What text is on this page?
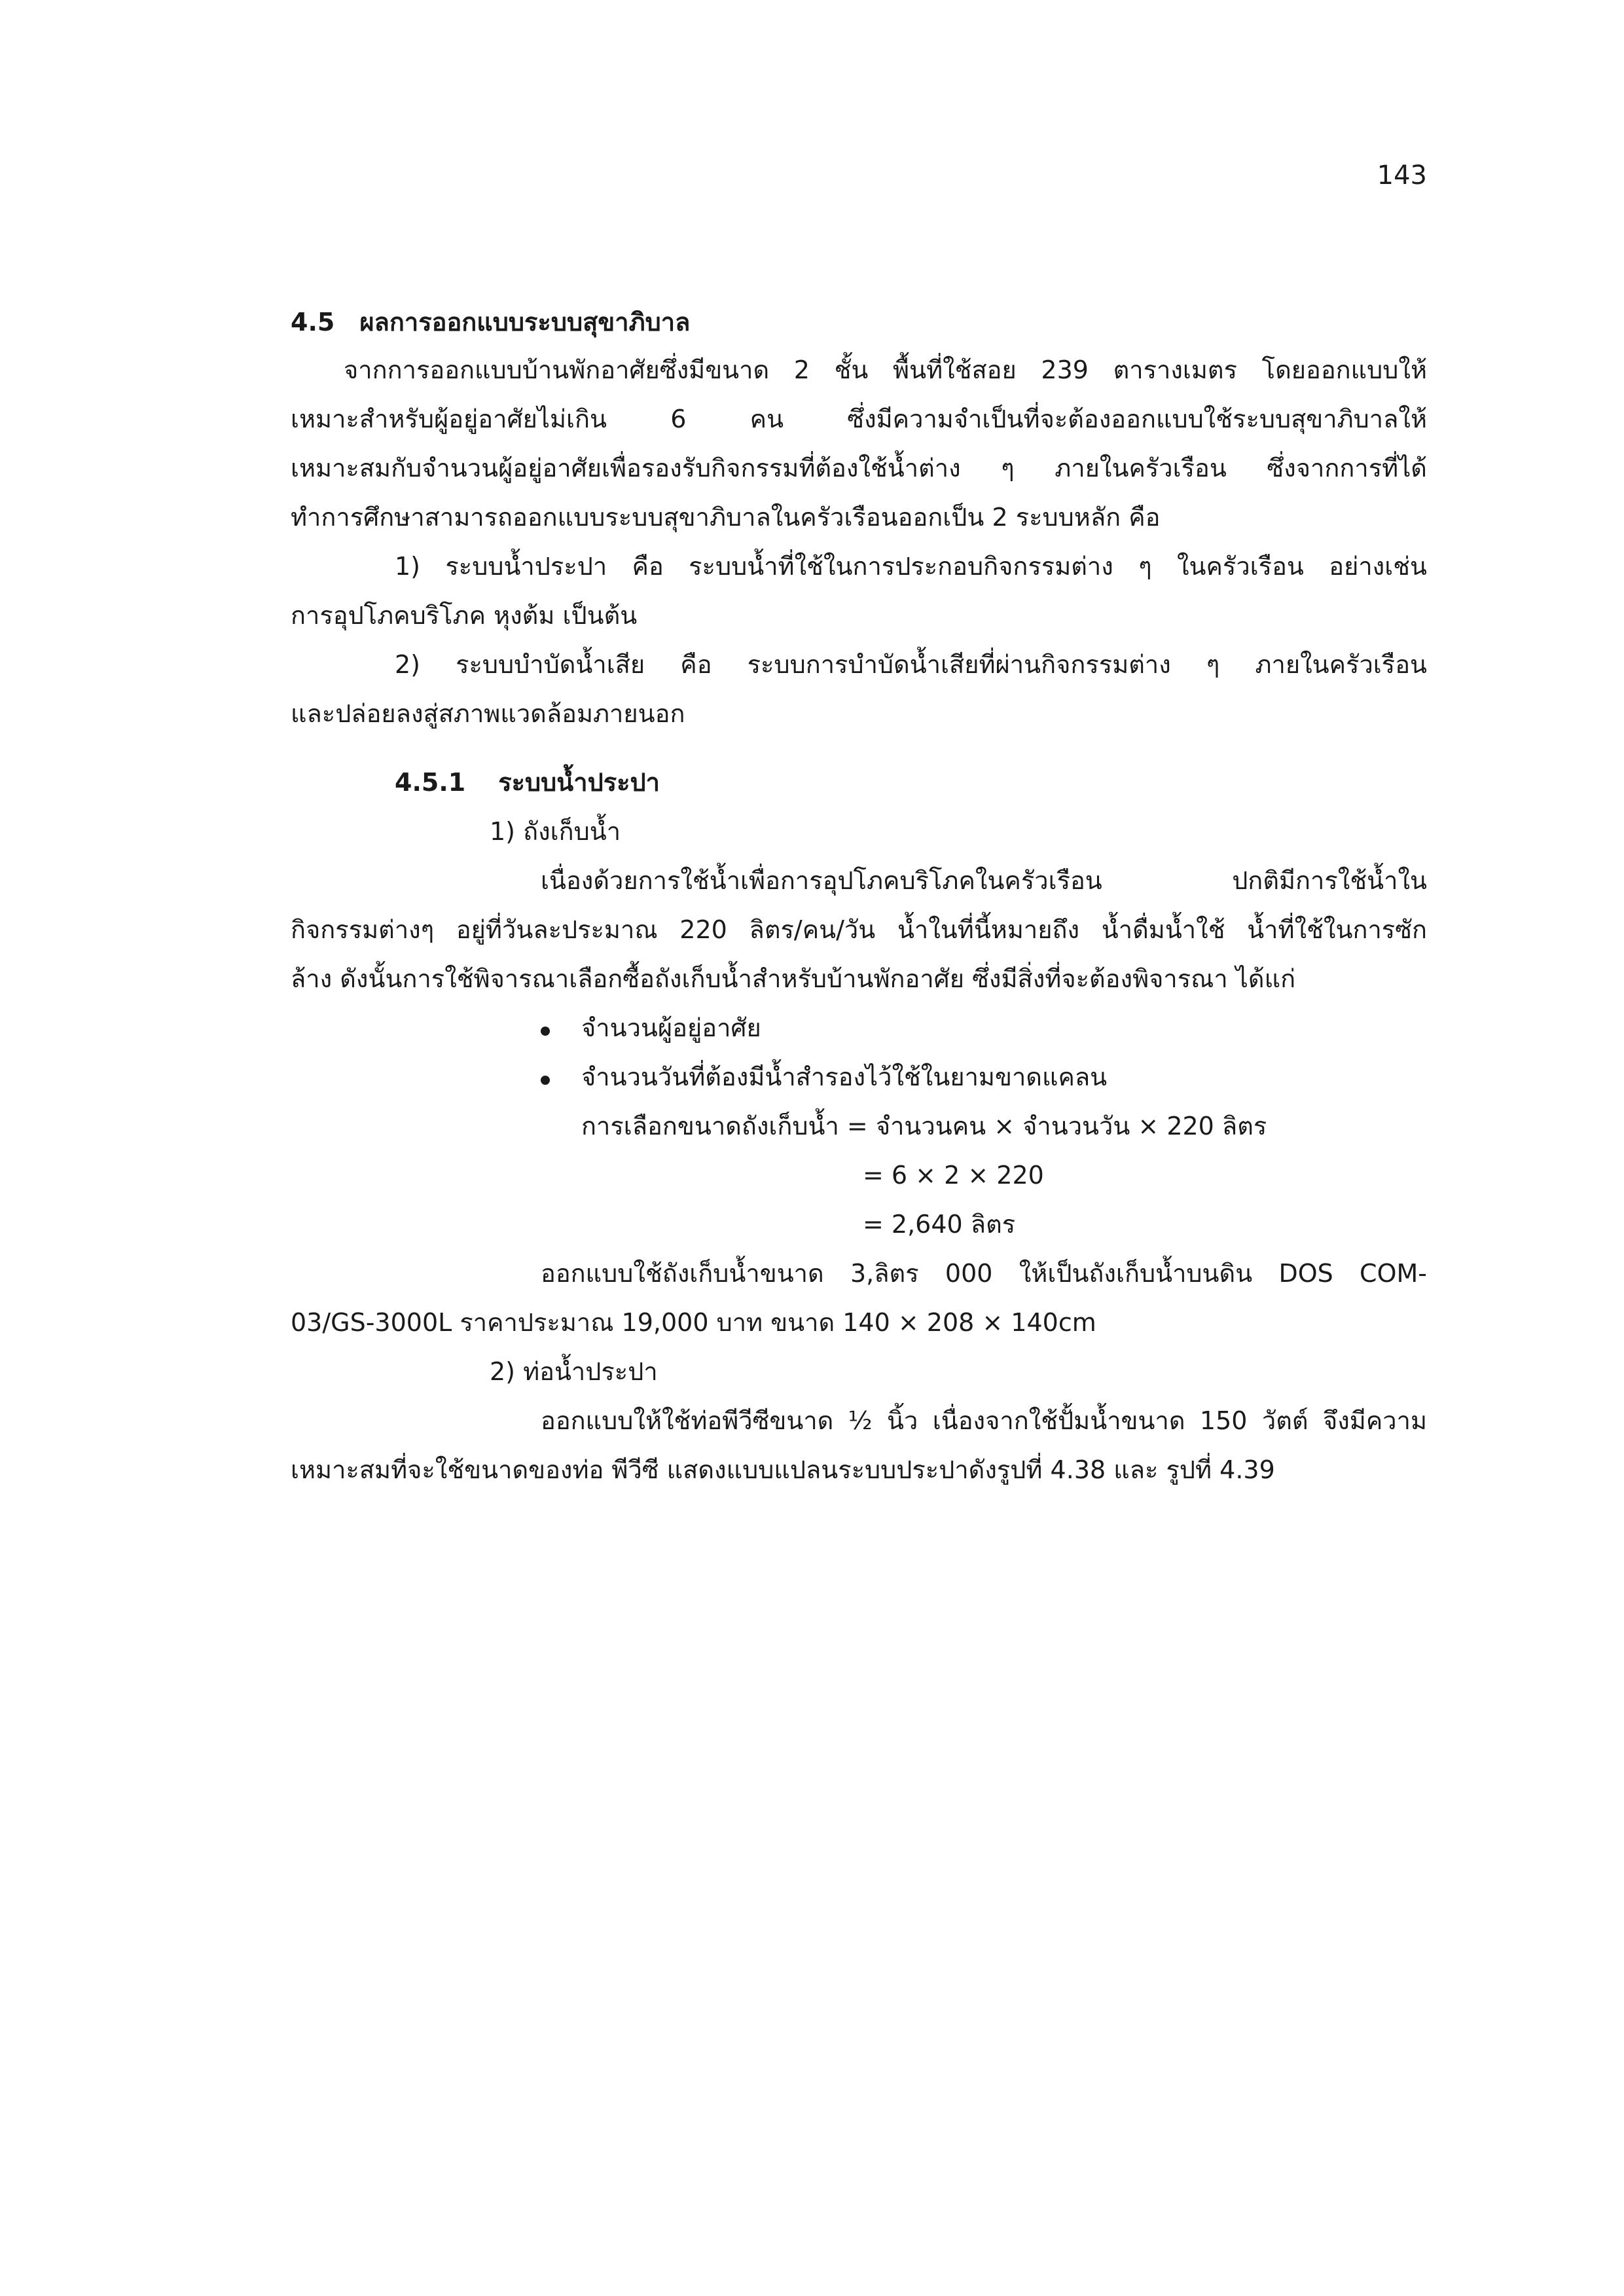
143
4.5 ผลการออกแบบระบบสุขาภิบาล
จากการออกแบบบ้านพักอาศัยซึ่งมีขนาด 2 ชั้น พื้นที่ใช้สอย 239 ตารางเมตร โดยออกแบบให้
เหมาะสำหรับผู้อยู่อาศัยไม่เกิน 6 คน ซึ่งมีความจำเป็นที่จะต้องออกแบบใช้ระบบสุขาภิบาลให้
เหมาะสมกับจำนวนผู้อยู่อาศัยเพื่อรองรับกิจกรรมที่ต้องใช้น้ำต่าง ๆ ภายในครัวเรือน ซึ่งจากการที่ได้
ทำการศึกษาสามารถออกแบบระบบสุขาภิบาลในครัวเรือนออกเป็น 2 ระบบหลัก คือ
1) ระบบน้ำประปา คือ ระบบน้ำที่ใช้ในการประกอบกิจกรรมต่าง ๆ ในครัวเรือน อย่างเช่น
การอุปโภคบริโภค หุงต้ม เป็นต้น
2) ระบบบำบัดน้ำเสีย คือ ระบบการบำบัดน้ำเสียที่ผ่านกิจกรรมต่าง ๆ ภายในครัวเรือน
และปล่อยลงสู่สภาพแวดล้อมภายนอก
4.5.1 ระบบน้ำประปา
1) ถังเก็บน้ำ
เนื่องด้วยการใช้น้ำเพื่อการอุปโภคบริโภคในครัวเรือน ปกติมีการใช้น้ำใน
กิจกรรมต่างๆ อยู่ที่วันละประมาณ 220 ลิตร/คน/วัน น้ำในที่นี้หมายถึง น้ำดื่มน้ำใช้ น้ำที่ใช้ในการซัก
ล้าง ดังนั้นการใช้พิจารณาเลือกซื้อถังเก็บน้ำสำหรับบ้านพักอาศัย ซึ่งมีสิ่งที่จะต้องพิจารณา ได้แก่
จำนวนผู้อยู่อาศัย
จำนวนวันที่ต้องมีน้ำสำรองไว้ใช้ในยามขาดแคลน
การเลือกขนาดถังเก็บน้ำ = จำนวนคน × จำนวนวัน × 220 ลิตร
= 6 × 2 × 220
= 2,640 ลิตร
ออกแบบใช้ถังเก็บน้ำขนาด 3,ลิตร 000 ให้เป็นถังเก็บน้ำบนดิน DOS COM-
03/GS-3000L ราคาประมาณ 19,000 บาท ขนาด 140 × 208 × 140cm
2) ท่อน้ำประปา
ออกแบบให้ใช้ท่อพีวีซีขนาด ½ นิ้ว เนื่องจากใช้ปั้มน้ำขนาด 150 วัตต์ จึงมีความ
เหมาะสมที่จะใช้ขนาดของท่อ พีวีซี แสดงแบบแปลนระบบประปาดังรูปที่ 4.38 และ รูปที่ 4.39
